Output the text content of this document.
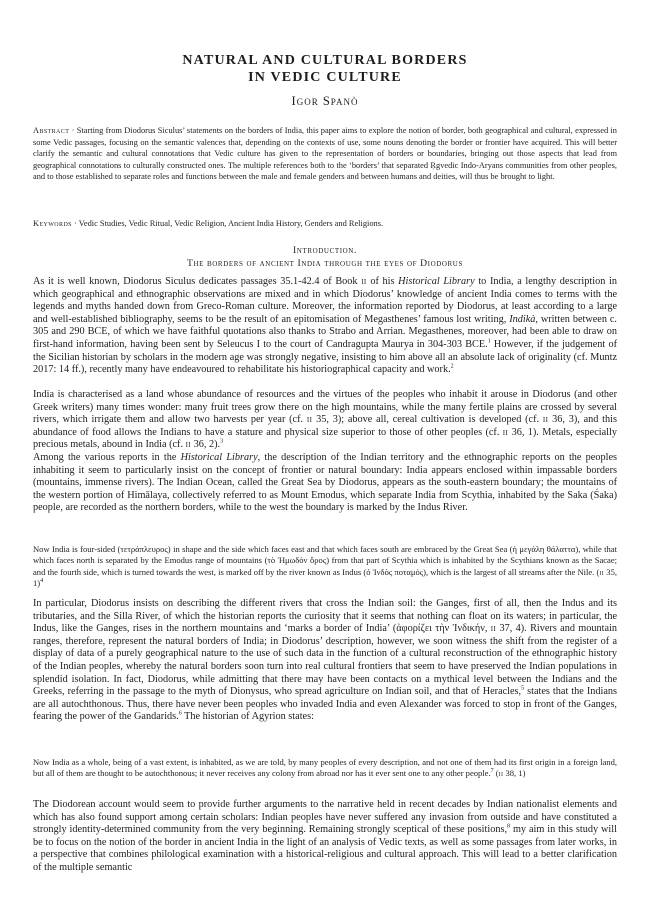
NATURAL AND CULTURAL BORDERS
IN VEDIC CULTURE
Igor Spanò

Abstract · Starting from Diodorus Siculus’ statements on the borders of India, this paper aims to explore the notion of border, both geographical and cultural, expressed in some Vedic passages, focusing on the semantic valences that, depending on the contexts of use, some nouns denoting the border or frontier have acquired. This will better clarify the semantic and cultural connotations that Vedic culture has given to the representation of borders or boundaries, bringing out those aspects that lead from geographical connotations to culturally constructed ones. The multiple references both to the ‘borders’ that separated Ṛgvedic Indo-Aryans communities from other peoples, and to those established to separate roles and functions between the male and female genders and between humans and deities, will thus be brought to light.

Keywords · Vedic Studies, Vedic Ritual, Vedic Religion, Ancient India History, Genders and Religions.

Introduction.
The borders of ancient India through the eyes of Diodorus

As it is well known, Diodorus Siculus dedicates passages 35.1-42.4 of Book ii of his Historical Library to India, a lengthy description in which geographical and ethnographic observations are mixed and in which Diodorus’ knowledge of ancient India comes to terms with the legends and myths handed down from Greco-Roman culture. Moreover, the information reported by Diodorus, at least according to a large and well-established bibliography, seems to be the result of an epitomisation of Megasthenes’ famous lost writing, Indikà, written between c. 305 and 290 BCE, of which we have faithful quotations also thanks to Strabo and Arrian. Megasthenes, moreover, had been able to draw on first-hand information, having been sent by Seleucus I to the court of Candragupta Maurya in 304-303 BCE.$^1$ However, if the judgement of the Sicilian historian by scholars in the modern age was strongly negative, insisting to him above all an absolute lack of originality (cf. Muntz 2017: 14 ff.), recently many have endeavoured to rehabilitate his historiographical capacity and work.$^2$

India is characterised as a land whose abundance of resources and the virtues of the peoples who inhabit it arouse in Diodorus (and other Greek writers) many times wonder: many fruit trees grow there on the high mountains, while the many fertile plains are crossed by several rivers, which irrigate them and allow two harvests per year (cf. ii 35, 3); above all, cereal cultivation is developed (cf. ii 36, 3), and this abundance of food allows the Indians to have a stature and physical size superior to those of other peoples (cf. ii 36, 1). Metals, especially precious metals, abound in India (cf. ii 36, 2).$^3$

Among the various reports in the Historical Library, the description of the Indian territory and the ethnographic reports on the peoples inhabiting it seem to particularly insist on the concept of frontier or natural boundary: India appears enclosed within impassable borders (mountains, immense rivers). The Indian Ocean, called the Great Sea by Diodorus, appears as the south-eastern boundary; the mountains of the western portion of Himālaya, collectively referred to as Mount Emodus, which separate India from Scythia, inhabited by the Saka (Śaka) people, are recorded as the northern borders, while to the west the boundary is marked by the Indus River.

Now India is four-sided (τετράπλευρος) in shape and the side which faces east and that which faces south are embraced by the Great Sea (ἡ μεγάλη θάλαττα), while that which faces north is separated by the Emodus range of mountains (τὸ Ἠμωδὸν ὄρος) from that part of Scythia which is inhabited by the Scythians known as the Sacae; and the fourth side, which is turned towards the west, is marked off by the river known as Indus (ὁ Ἰνδὸς ποταμός), which is the largest of all streams after the Nile. (ii 35, 1)$^4$

In particular, Diodorus insists on describing the different rivers that cross the Indian soil: the Ganges, first of all, then the Indus and its tributaries, and the Silla River, of which the historian reports the curiosity that it seems that nothing can float on its waters; in particular, the Indus, like the Ganges, rises in the northern mountains and ‘marks a border of India’ (ἀφορίζει τὴν Ἰνδικήν, ii 37, 4). Rivers and mountain ranges, therefore, represent the natural borders of India; in Diodorus’ description, however, we soon witness the shift from the register of a display of data of a purely geographical nature to the use of such data in the function of a cultural reconstruction of the ethnographic history of the Indian peoples, whereby the natural borders soon turn into real cultural frontiers that seem to have preserved the Indian populations in splendid isolation. In fact, Diodorus, while admitting that there may have been contacts on a mythical level between the Indians and the Greeks, referring in the passage to the myth of Dionysus, who spread agriculture on Indian soil, and that of Heracles,$^5$ states that the Indians are all autochthonous. Thus, there have never been peoples who invaded India and even Alexander was forced to stop in front of the Ganges, fearing the power of the Gandarids.$^6$ The historian of Agyrion states:

Now India as a whole, being of a vast extent, is inhabited, as we are told, by many peoples of every description, and not one of them had its first origin in a foreign land, but all of them are thought to be autochthonous; it never receives any colony from abroad nor has it ever sent one to any other people.$^7$ (ii 38, 1)

The Diodorean account would seem to provide further arguments to the narrative held in recent decades by Indian nationalist elements and which has also found support among certain scholars: Indian peoples have never suffered any invasion from outside and have constituted a strongly identity-determined community from the very beginning. Remaining strongly sceptical of these positions,$^8$ my aim in this study will be to focus on the notion of the border in ancient India in the light of an analysis of Vedic texts, as well as some passages from later works, in a perspective that combines philological examination with a historical-religious and cultural approach. This will lead to a better clarification of the multiple semantic
